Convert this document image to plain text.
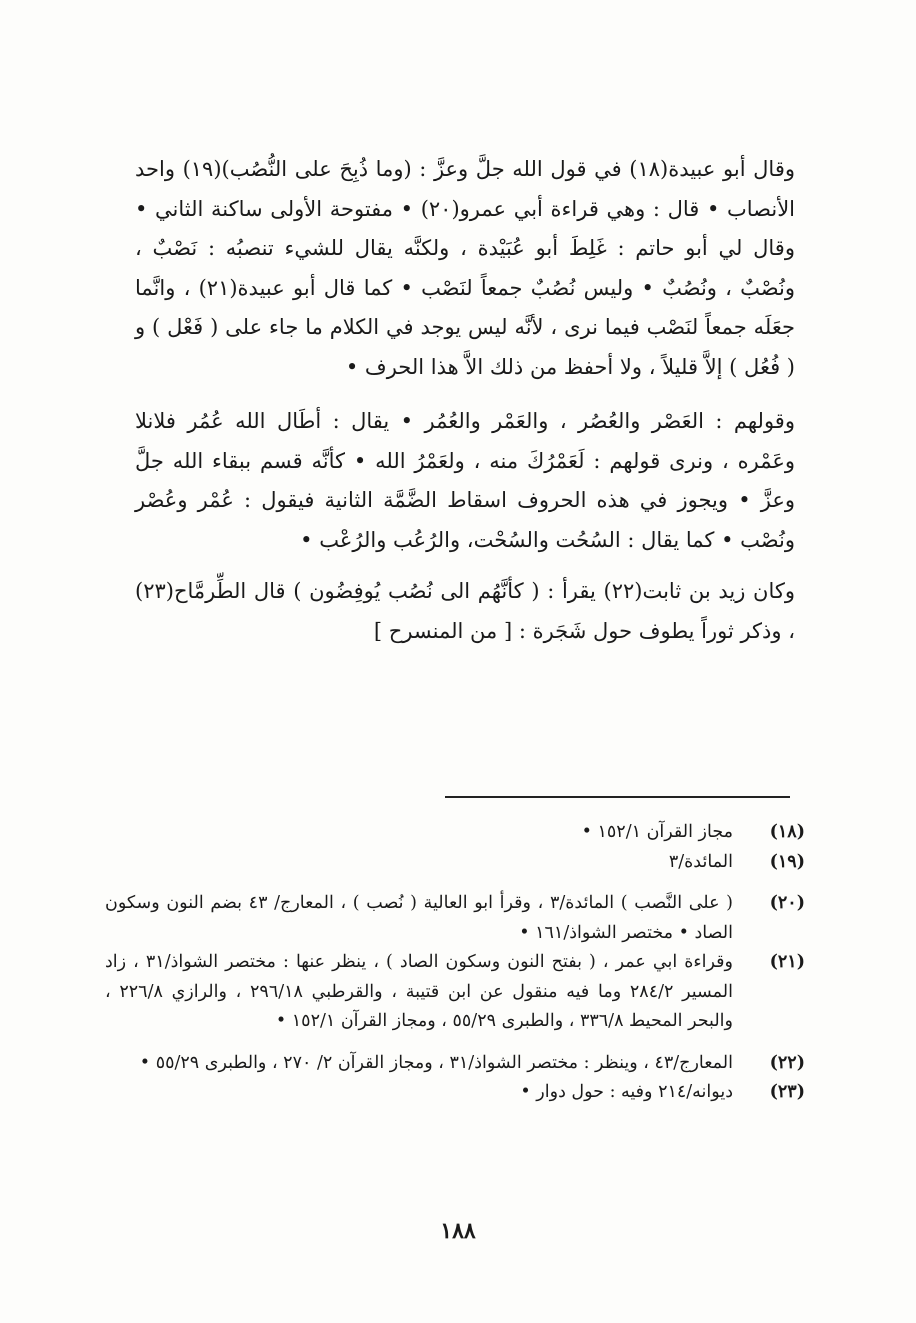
وقال أبو عبيدة(١٨) في قول الله جلَّ وعزَّ : (وما ذُبِحَ على النُّصُب)(١٩) واحد الأنصاب • قال : وهي قراءة أبي عمرو(٢٠) • مفتوحة الأولى ساكنة الثاني • وقال لي أبو حاتم : غَلِطَ أبو عُبَيْدة ، ولكنَّه يقال للشيء تنصبُه : نَصْبٌ ، ونُصْبٌ ، ونُصُبٌ • وليس نُصُبٌ جمعاً لنَصْب • كما قال أبو عبيدة(٢١) ، وانَّما جعَلَه جمعاً لنَصْب فيما نرى ، لأنَّه ليس يوجد في الكلام ما جاء على ( فَعْل ) و ( فُعُل ) إلاَّ قليلاً ، ولا أحفظ من ذلك الاَّ هذا الحرف •

وقولهم : العَصْر والعُصُر ، والعَمْر والعُمُر • يقال : أطَال الله عُمُر فلانلا وعَمْره ، ونرى قولهم : لَعَمْرُكَ منه ، ولعَمْرُ الله • كأنَّه قسم ببقاء الله جلَّ وعزَّ • ويجوز في هذه الحروف اسقاط الضَّمَّة الثانية فيقول : عُمْر وعُصْر ونُصْب • كما يقال : السُحُت والسُحْت، والرُعُب والرُعْب •

وكان زيد بن ثابت(٢٢) يقرأ : ( كأنَّهُم الى نُصُب يُوفِضُون ) قال الطِّرمَّاح(٢٣) ، وذكر ثوراً يطوف حول شَجَرة : [ من المنسرح ]

(١٨)
مجاز القرآن ١٥٢/١ •
(١٩)
المائدة/٣
(٢٠)
( على النَّصب ) المائدة/٣ ، وقرأ ابو العالية ( نُصب ) ، المعارج/ ٤٣ بضم النون وسكون الصاد • مختصر الشواذ/١٦١ •
(٢١)
وقراءة ابي عمر ، ( بفتح النون وسكون الصاد ) ، ينظر عنها : مختصر الشواذ/٣١ ، زاد المسير ٢٨٤/٢ وما فيه منقول عن ابن قتيبة ، والقرطبي ٢٩٦/١٨ ، والرازي ٢٢٦/٨ ، والبحر المحيط ٣٣٦/٨ ، والطبرى ٥٥/٢٩ ، ومجاز القرآن ١٥٢/١ •
(٢٢)
المعارج/٤٣ ، وينظر : مختصر الشواذ/٣١ ، ومجاز القرآن ٢/ ٢٧٠ ، والطبرى ٥٥/٢٩ •
(٢٣)
ديوانه/٢١٤ وفيه : حول دوار •
١٨٨
